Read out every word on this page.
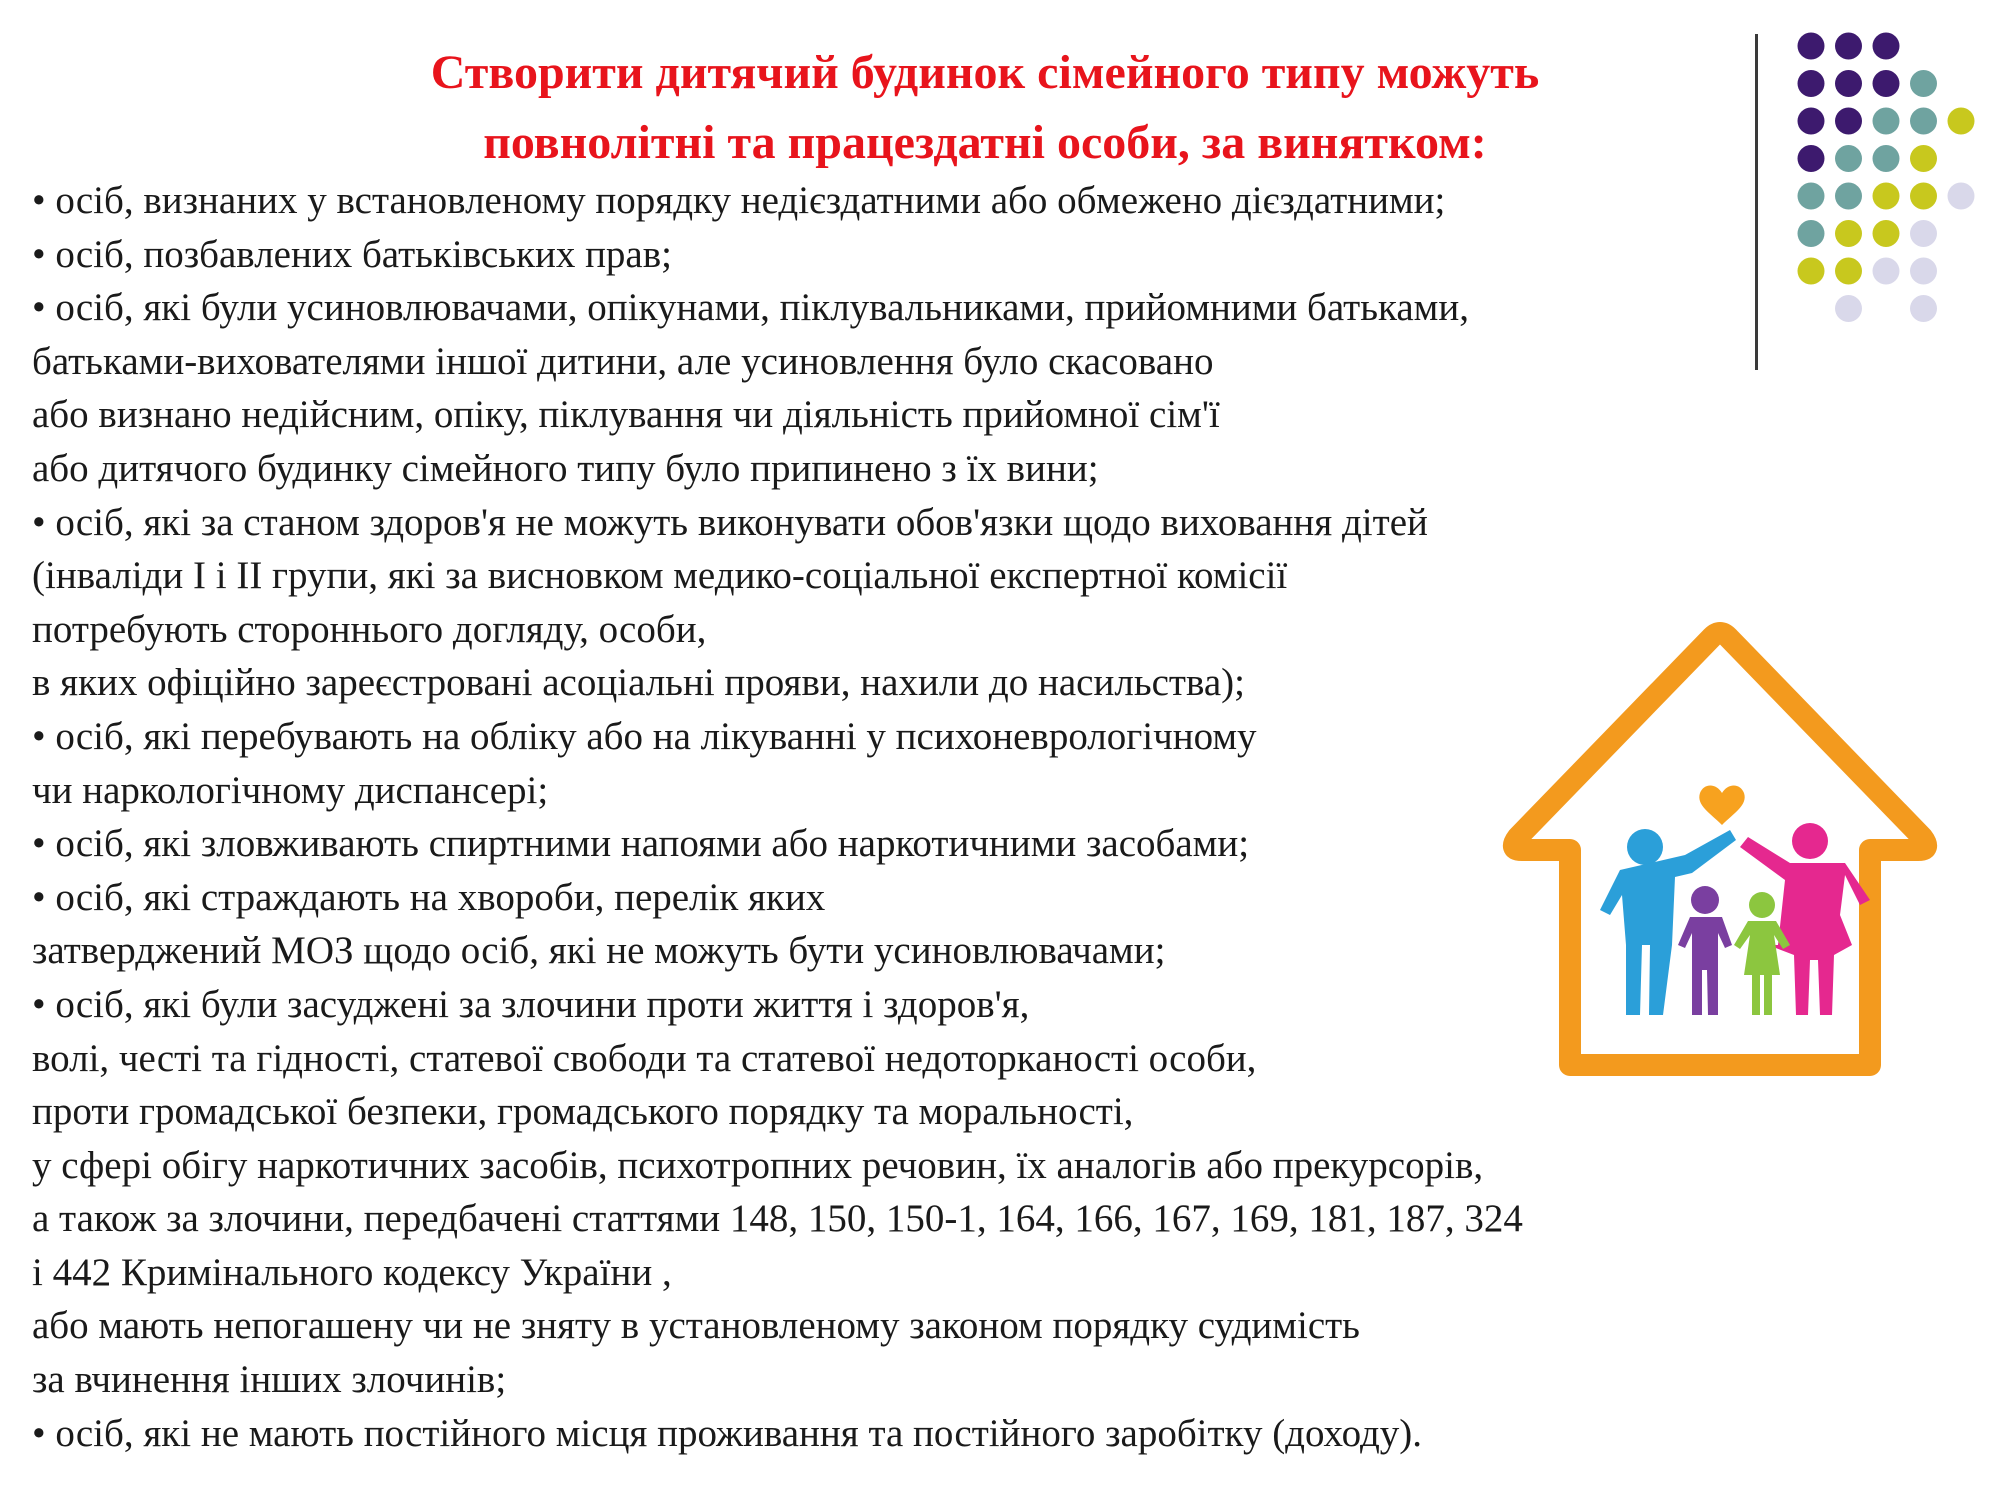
Створити дитячий будинок сімейного типу можуть
повнолітні та працездатні особи, за винятком:
• осіб, визнаних у встановленому порядку недієздатними або обмежено дієздатними;
• осіб, позбавлених батьківських прав;
• осіб, які були усиновлювачами, опікунами, піклувальниками, прийомними батьками,
батьками-вихователями іншої дитини, але усиновлення було скасовано
або визнано недійсним, опіку, піклування чи діяльність прийомної сім'ї
або дитячого будинку сімейного типу було припинено з їх вини;
• осіб, які за станом здоров'я не можуть виконувати обов'язки щодо виховання дітей
(інваліди І і ІІ групи, які за висновком медико-соціальної експертної комісії
потребують стороннього догляду, особи,
в яких офіційно зареєстровані асоціальні прояви, нахили до насильства);
• осіб, які перебувають на обліку або на лікуванні у психоневрологічному
чи наркологічному диспансері;
• осіб, які зловживають спиртними напоями або наркотичними засобами;
• осіб, які страждають на хвороби, перелік яких
затверджений МОЗ щодо осіб, які не можуть бути усиновлювачами;
• осіб, які були засуджені за злочини проти життя і здоров'я,
волі, честі та гідності, статевої свободи та статевої недоторканості особи,
проти громадської безпеки, громадського порядку та моральності,
у сфері обігу наркотичних засобів, психотропних речовин, їх аналогів або прекурсорів,
а також за злочини, передбачені статтями 148, 150, 150-1, 164, 166, 167, 169, 181, 187, 324
і 442 Кримінального кодексу України ,
або мають непогашену чи не зняту в установленому законом порядку судимість
за вчинення інших злочинів;
• осіб, які не мають постійного місця проживання та постійного заробітку (доходу).
